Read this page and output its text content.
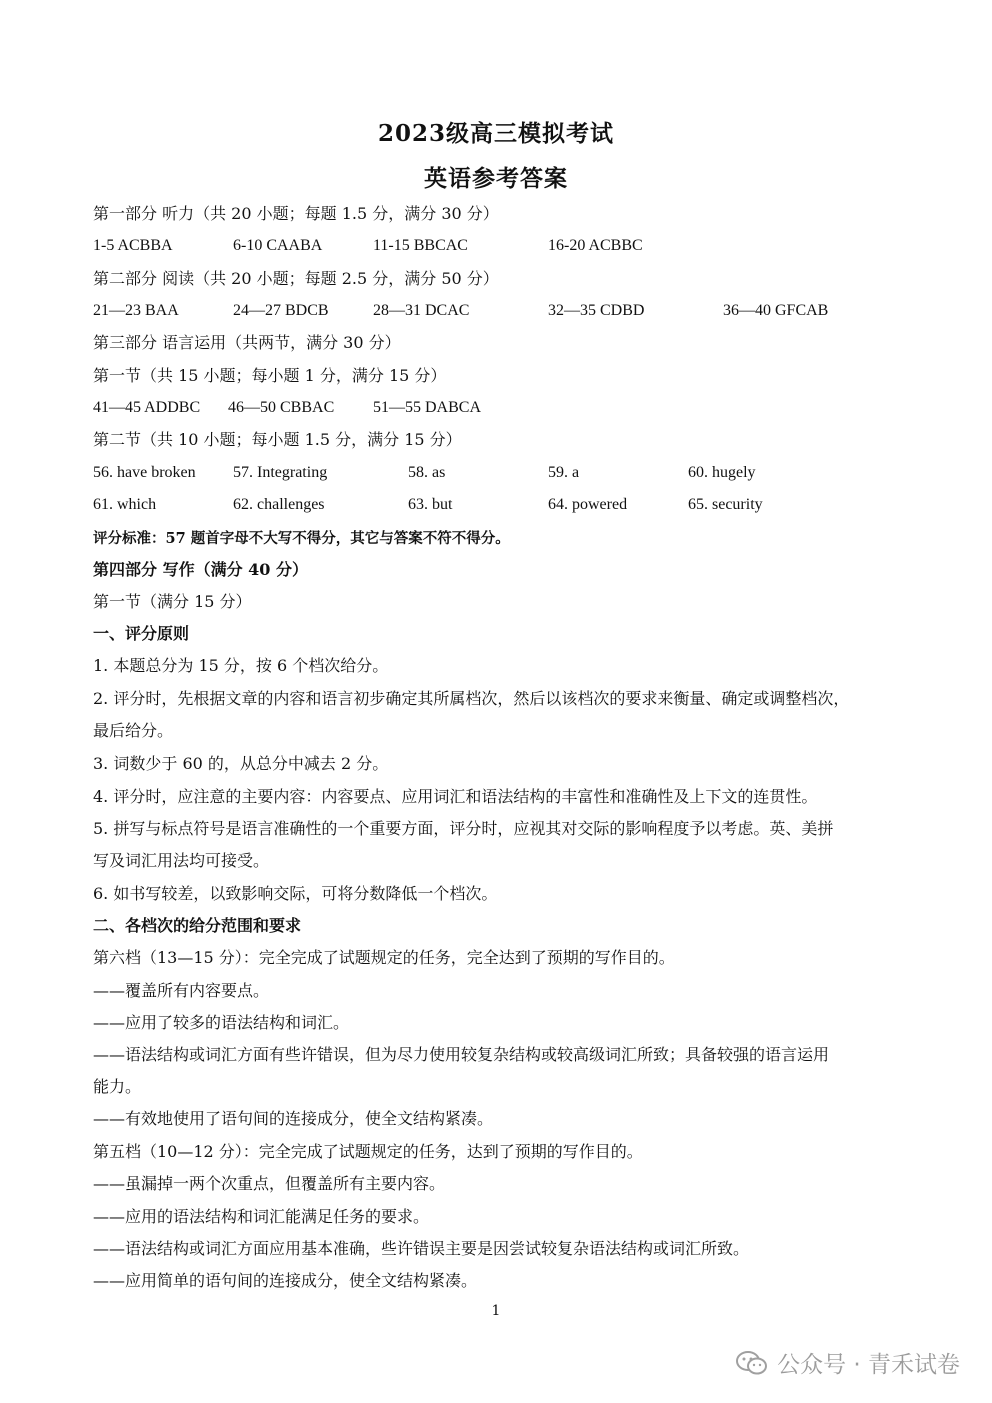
2023级高三模拟考试
英语参考答案
第一部分 听力（共 20 小题；每题 1.5 分，满分 30 分）
1-5 ACBBA	6-10 CAABA	11-15 BBCAC	16-20 ACBBC
第二部分 阅读（共 20 小题；每题 2.5 分，满分 50 分）
21—23 BAA	24—27 BDCB	28—31 DCAC	32—35 CDBD	36—40 GFCAB
第三部分 语言运用（共两节，满分 30 分）
第一节（共 15 小题；每小题 1 分，满分 15 分）
41—45 ADDBC 46—50 CBBAC 51—55 DABCA
第二节（共 10 小题；每小题 1.5 分，满分 15 分）
56. have broken 57. Integrating	58. as	59. a	60. hugely
61. which	62. challenges	63. but	64. powered	65. security
评分标准：57 题首字母不大写不得分，其它与答案不符不得分。
第四部分 写作（满分 40 分）
第一节（满分 15 分）
一、评分原则
1. 本题总分为 15 分，按 6 个档次给分。
2. 评分时，先根据文章的内容和语言初步确定其所属档次，然后以该档次的要求来衡量、确定或调整档次，
最后给分。
3. 词数少于 60 的，从总分中减去 2 分。
4. 评分时，应注意的主要内容：内容要点、应用词汇和语法结构的丰富性和准确性及上下文的连贯性。
5. 拼写与标点符号是语言准确性的一个重要方面，评分时，应视其对交际的影响程度予以考虑。英、美拼
写及词汇用法均可接受。
6. 如书写较差，以致影响交际，可将分数降低一个档次。
二、各档次的给分范围和要求
第六档（13—15 分）：完全完成了试题规定的任务，完全达到了预期的写作目的。
——覆盖所有内容要点。
——应用了较多的语法结构和词汇。
——语法结构或词汇方面有些许错误，但为尽力使用较复杂结构或较高级词汇所致；具备较强的语言运用
能力。
——有效地使用了语句间的连接成分，使全文结构紧凑。
第五档（10—12 分）：完全完成了试题规定的任务，达到了预期的写作目的。
——虽漏掉一两个次重点，但覆盖所有主要内容。
——应用的语法结构和词汇能满足任务的要求。
——语法结构或词汇方面应用基本准确，些许错误主要是因尝试较复杂语法结构或词汇所致。
——应用简单的语句间的连接成分，使全文结构紧凑。
1
公众号 · 青禾试卷
